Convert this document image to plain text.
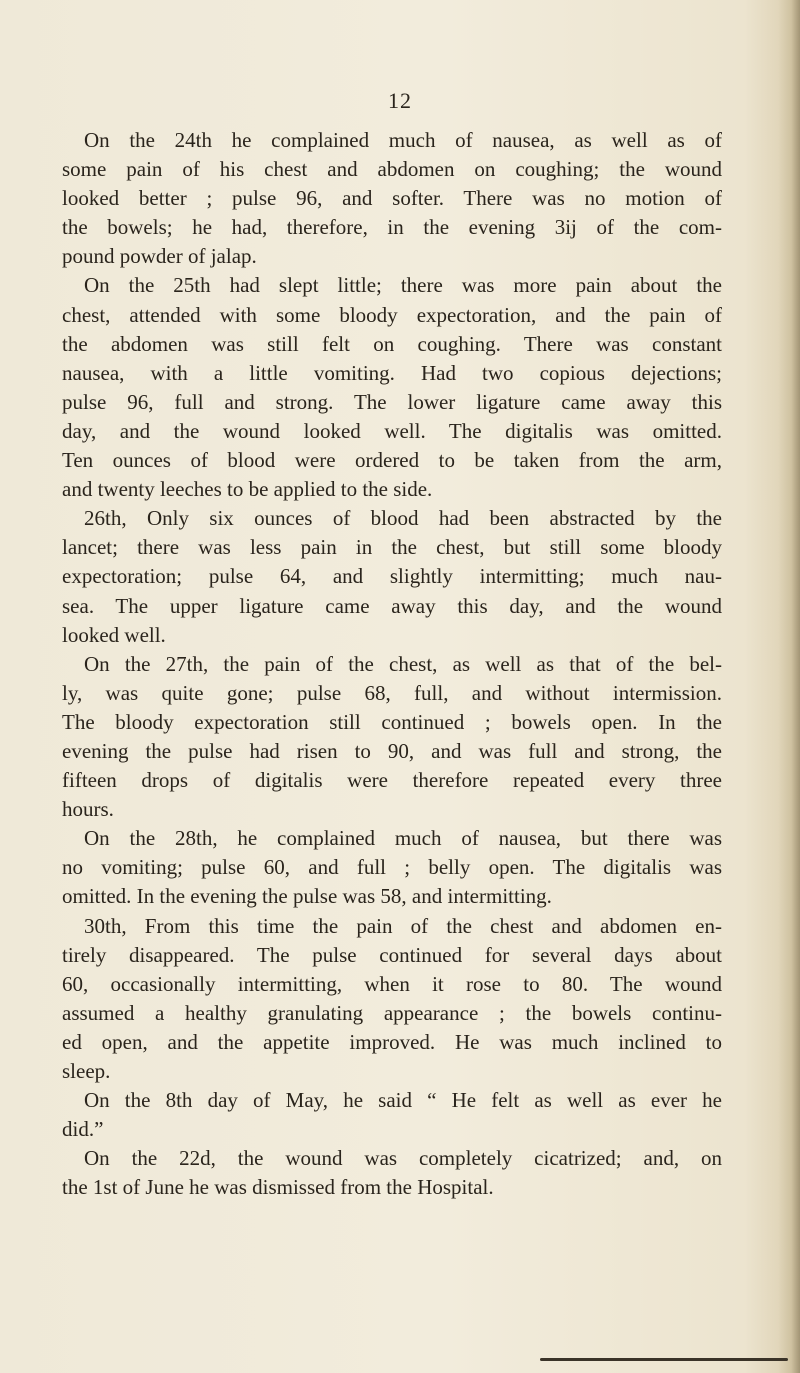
12

On the 24th he complained much of nausea, as well as of
some pain of his chest and abdomen on coughing; the wound
looked better ; pulse 96, and softer. There was no motion of
the bowels; he had, therefore, in the evening 3ij of the com-
pound powder of jalap.

On the 25th had slept little; there was more pain about the
chest, attended with some bloody expectoration, and the pain of
the abdomen was still felt on coughing. There was constant
nausea, with a little vomiting. Had two copious dejections;
pulse 96, full and strong. The lower ligature came away this
day, and the wound looked well. The digitalis was omitted.
Ten ounces of blood were ordered to be taken from the arm,
and twenty leeches to be applied to the side.

26th, Only six ounces of blood had been abstracted by the
lancet; there was less pain in the chest, but still some bloody
expectoration; pulse 64, and slightly intermitting; much nau-
sea. The upper ligature came away this day, and the wound
looked well.

On the 27th, the pain of the chest, as well as that of the bel-
ly, was quite gone; pulse 68, full, and without intermission.
The bloody expectoration still continued ; bowels open. In the
evening the pulse had risen to 90, and was full and strong, the
fifteen drops of digitalis were therefore repeated every three
hours.

On the 28th, he complained much of nausea, but there was
no vomiting; pulse 60, and full ; belly open. The digitalis was
omitted. In the evening the pulse was 58, and intermitting.

30th, From this time the pain of the chest and abdomen en-
tirely disappeared. The pulse continued for several days about
60, occasionally intermitting, when it rose to 80. The wound
assumed a healthy granulating appearance ; the bowels continu-
ed open, and the appetite improved. He was much inclined to
sleep.

On the 8th day of May, he said “ He felt as well as ever he
did.”

On the 22d, the wound was completely cicatrized; and, on
the 1st of June he was dismissed from the Hospital.
